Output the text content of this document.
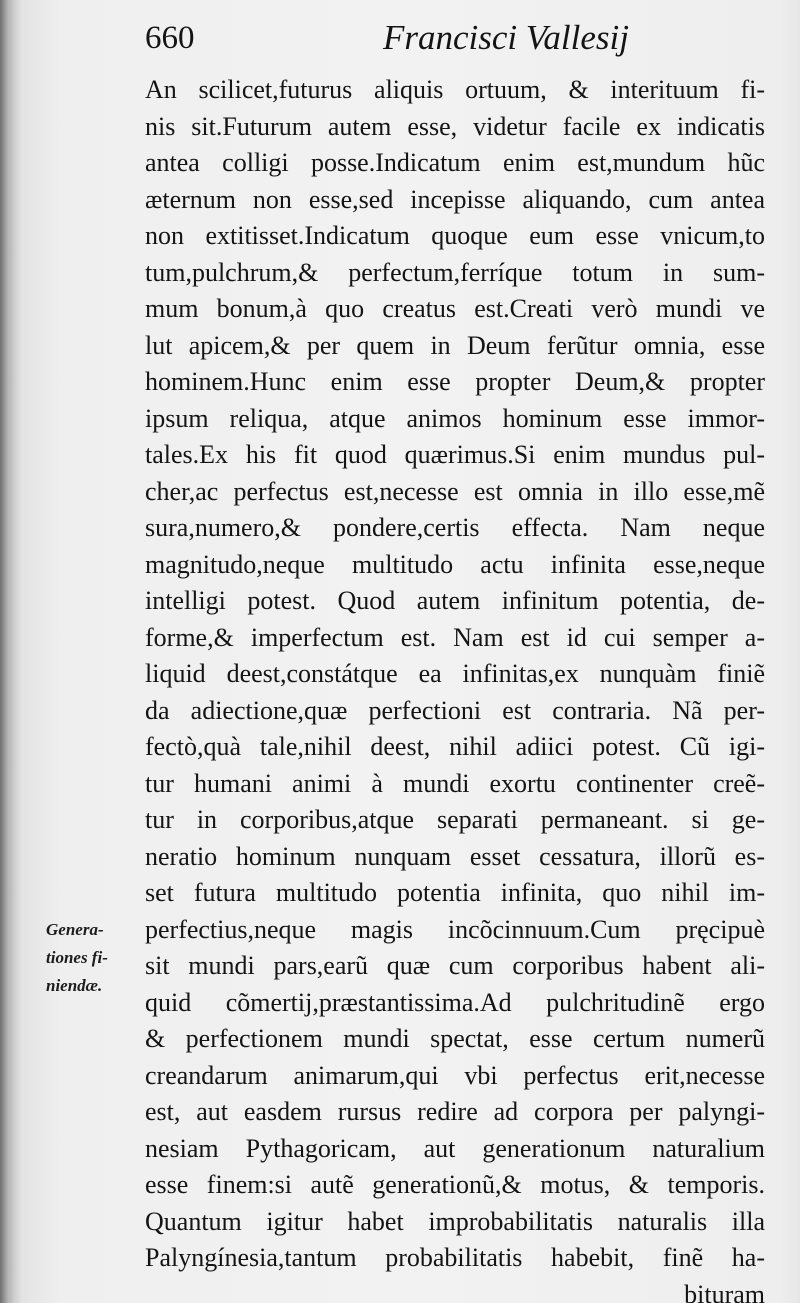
660	Francisci Vallesij
An scilicet,futurus aliquis ortuum, & interituum fi-
nis sit.Futurum autem esse, videtur facile ex indicatis
antea colligi posse.Indicatum enim est,mundum hũc
æternum non esse,sed incepisse aliquando, cum antea
non extitisset.Indicatum quoque eum esse vnicum,to
tum,pulchrum,& perfectum,ferríque totum in sum-
mum bonum,à quo creatus est.Creati verò mundi ve
lut apicem,& per quem in Deum ferũtur omnia, esse
hominem.Hunc enim esse propter Deum,& propter
ipsum reliqua, atque animos hominum esse immor-
tales.Ex his fit quod quærimus.Si enim mundus pul-
cher,ac perfectus est,necesse est omnia in illo esse,mẽ
sura,numero,& pondere,certis effecta. Nam neque
magnitudo,neque multitudo actu infinita esse,neque
intelligi potest. Quod autem infinitum potentia, de-
forme,& imperfectum est. Nam est id cui semper a-
liquid deest,constátque ea infinitas,ex nunquàm finiẽ
da adiectione,quæ perfectioni est contraria. Nã per-
fectò,quà tale,nihil deest, nihil adiici potest. Cũ igi-
tur humani animi à mundi exortu continenter creẽ-
tur in corporibus,atque separati permaneant. si ge-
neratio hominum nunquam esset cessatura, illorũ es-
set futura multitudo potentia infinita, quo nihil im-
perfectius,neque magis incõcinnuum.Cum pręcipuè
sit mundi pars,earũ quæ cum corporibus habent ali-
quid cõmertij,præstantissima.Ad pulchritudinẽ ergo
& perfectionem mundi spectat, esse certum numerũ
creandarum animarum,qui vbi perfectus erit,necesse
est, aut easdem rursus redire ad corpora per palyngi-
nesiam Pythagoricam, aut generationum naturalium
esse finem:si autẽ generationũ,& motus, & temporis.
Quantum igitur habet improbabilitatis naturalis illa
Palyngínesia,tantum probabilitatis habebit, finẽ ha-
bituram
Genera-
tiones fi-
niendæ.
